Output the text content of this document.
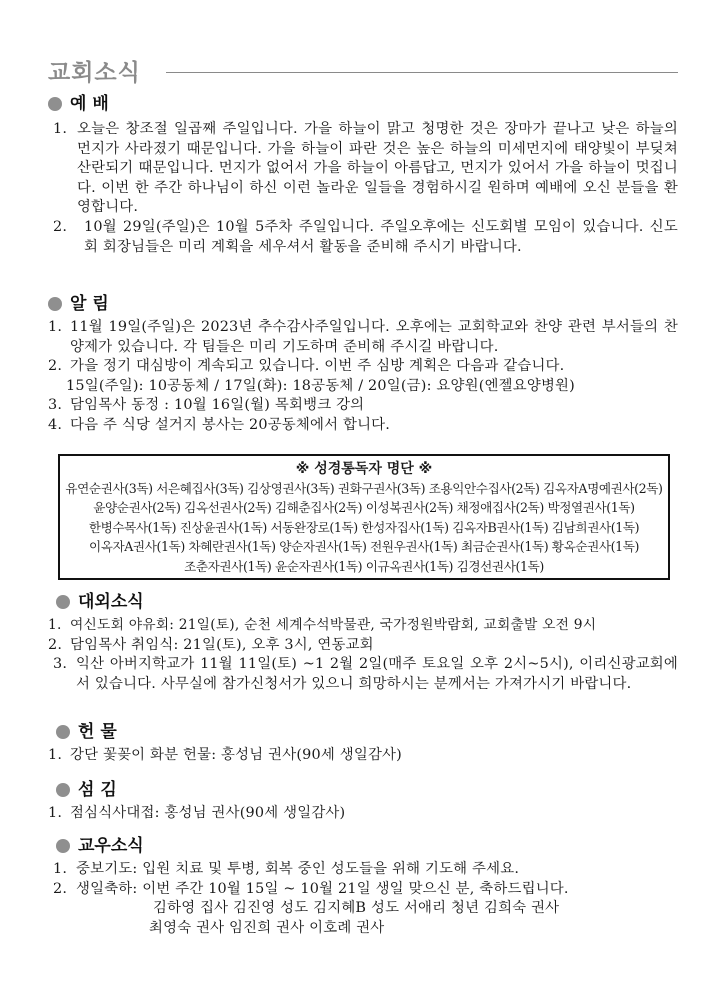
교회소식
예 배
1. 오늘은 창조절 일곱째 주일입니다. 가을 하늘이 맑고 청명한 것은 장마가 끝나고 낮은 하늘의 먼지가 사라졌기 때문입니다. 가을 하늘이 파란 것은 높은 하늘의 미세먼지에 태양빛이 부딪쳐 산란되기 때문입니다. 먼지가 없어서 가을 하늘이 아름답고, 먼지가 있어서 가을 하늘이 멋집니다. 이번 한 주간 하나님이 하신 이런 놀라운 일들을 경험하시길 원하며 예배에 오신 분들을 환영합니다.
2. 10월 29일(주일)은 10월 5주차 주일입니다. 주일오후에는 신도회별 모임이 있습니다. 신도회 회장님들은 미리 계획을 세우셔서 활동을 준비해 주시기 바랍니다.
알 림
1. 11월 19일(주일)은 2023년 추수감사주일입니다. 오후에는 교회학교와 찬양 관련 부서들의 찬양제가 있습니다. 각 팀들은 미리 기도하며 준비해 주시길 바랍니다.
2. 가을 정기 대심방이 계속되고 있습니다. 이번 주 심방 계획은 다음과 같습니다.
15일(주일): 10공동체 / 17일(화): 18공동체 / 20일(금): 요양원(엔젤요양병원)
3. 담임목사 동정 : 10월 16일(월) 목회뱅크 강의
4. 다음 주 식당 설거지 봉사는 20공동체에서 합니다.
※ 성경통독자 명단 ※
유연순권사(3독) 서은혜집사(3독) 김상영권사(3독) 권화구권사(3독) 조용익안수집사(2독) 김옥자A명예권사(2독)
윤양순권사(2독) 김옥선권사(2독) 김해춘집사(2독) 이성복권사(2독) 채정애집사(2독) 박정열권사(1독)
한병수목사(1독) 진상윤권사(1독) 서동완장로(1독) 한성자집사(1독) 김옥자B권사(1독) 김남희권사(1독)
이옥자A권사(1독) 차혜란권사(1독) 양순자권사(1독) 전원우권사(1독) 최금순권사(1독) 황옥순권사(1독)
조춘자권사(1독) 윤순자권사(1독) 이규옥권사(1독) 김경선권사(1독)
대외소식
1. 여신도회 야유회: 21일(토), 순천 세계수석박물관, 국가정원박람회, 교회출발 오전 9시
2. 담임목사 취임식: 21일(토), 오후 3시, 연동교회
3. 익산 아버지학교가 11월 11일(토) ~1 2월 2일(매주 토요일 오후 2시~5시), 이리신광교회에서 있습니다. 사무실에 참가신청서가 있으니 희망하시는 분께서는 가져가시기 바랍니다.
헌 물
1. 강단 꽃꽂이 화분 헌물: 홍성님 권사(90세 생일감사)
섬 김
1. 점심식사대접: 홍성님 권사(90세 생일감사)
교우소식
1. 중보기도: 입원 치료 및 투병, 회복 중인 성도들을 위해 기도해 주세요.
2. 생일축하: 이번 주간 10월 15일 ~ 10월 21일 생일 맞으신 분, 축하드립니다.
김하영 집사 김진영 성도 김지혜B 성도 서애리 청년 김희숙 권사
최영숙 권사 임진희 권사 이호례 권사
